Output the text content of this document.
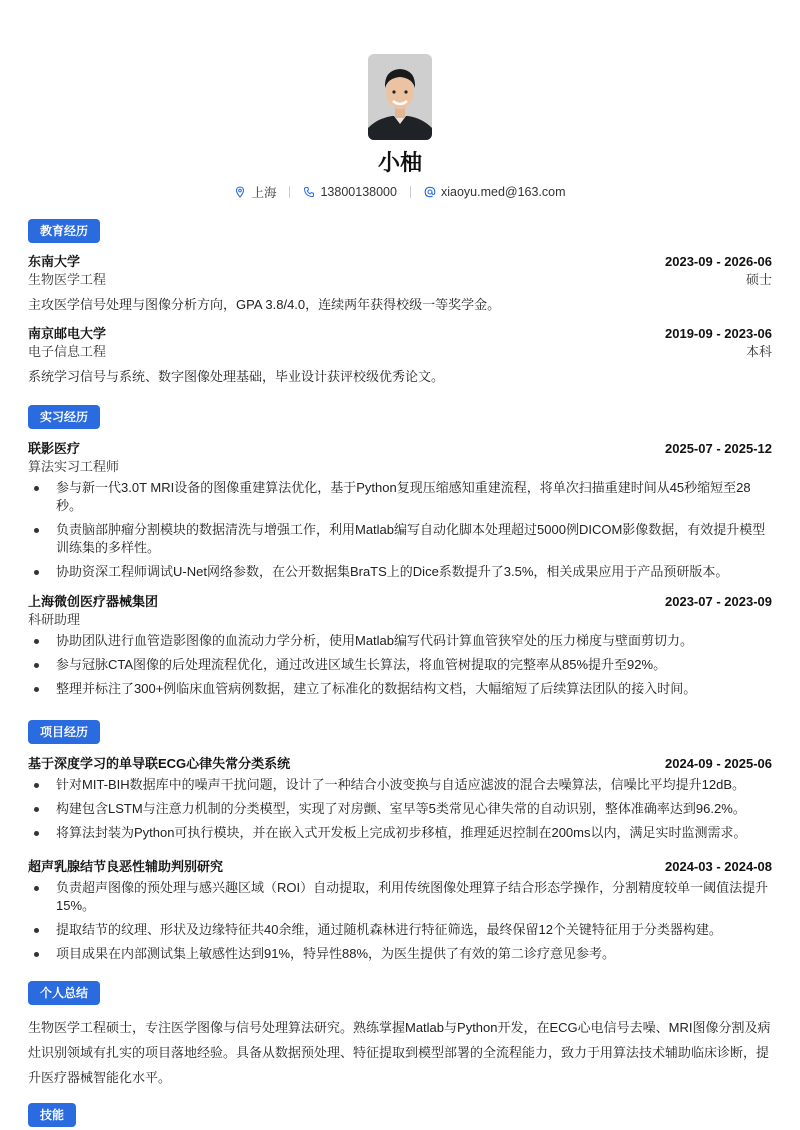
小柚
上海	13800138000	xiaoyu.med@163.com
教育经历
东南大学	2023-09 - 2026-06
生物医学工程	硕士
主攻医学信号处理与图像分析方向，GPA 3.8/4.0，连续两年获得校级一等奖学金。
南京邮电大学	2019-09 - 2023-06
电子信息工程	本科
系统学习信号与系统、数字图像处理基础，毕业设计获评校级优秀论文。
实习经历
联影医疗	2025-07 - 2025-12
算法实习工程师
参与新一代3.0T MRI设备的图像重建算法优化，基于Python复现压缩感知重建流程，将单次扫描重建时间从45秒缩短至28秒。
负责脑部肿瘤分割模块的数据清洗与增强工作，利用Matlab编写自动化脚本处理超过5000例DICOM影像数据，有效提升模型训练集的多样性。
协助资深工程师调试U-Net网络参数，在公开数据集BraTS上的Dice系数提升了3.5%，相关成果应用于产品预研版本。
上海微创医疗器械集团	2023-07 - 2023-09
科研助理
协助团队进行血管造影图像的血流动力学分析，使用Matlab编写代码计算血管狭窄处的压力梯度与壁面剪切力。
参与冠脉CTA图像的后处理流程优化，通过改进区域生长算法，将血管树提取的完整率从85%提升至92%。
整理并标注了300+例临床血管病例数据，建立了标准化的数据结构文档，大幅缩短了后续算法团队的接入时间。
项目经历
基于深度学习的单导联ECG心律失常分类系统	2024-09 - 2025-06
针对MIT-BIH数据库中的噪声干扰问题，设计了一种结合小波变换与自适应滤波的混合去噪算法，信噪比平均提升12dB。
构建包含LSTM与注意力机制的分类模型，实现了对房颤、室早等5类常见心律失常的自动识别，整体准确率达到96.2%。
将算法封装为Python可执行模块，并在嵌入式开发板上完成初步移植，推理延迟控制在200ms以内，满足实时监测需求。
超声乳腺结节良恶性辅助判别研究	2024-03 - 2024-08
负责超声图像的预处理与感兴趣区域（ROI）自动提取，利用传统图像处理算子结合形态学操作，分割精度较单一阈值法提升15%。
提取结节的纹理、形状及边缘特征共40余维，通过随机森林进行特征筛选，最终保留12个关键特征用于分类器构建。
项目成果在内部测试集上敏感性达到91%，特异性88%，为医生提供了有效的第二诊疗意见参考。
个人总结
生物医学工程硕士，专注医学图像与信号处理算法研究。熟练掌握Matlab与Python开发，在ECG心电信号去噪、MRI图像分割及病灶识别领域有扎实的项目落地经验。具备从数据预处理、特征提取到模型部署的全流程能力，致力于用算法技术辅助临床诊断，提升医疗器械智能化水平。
技能
